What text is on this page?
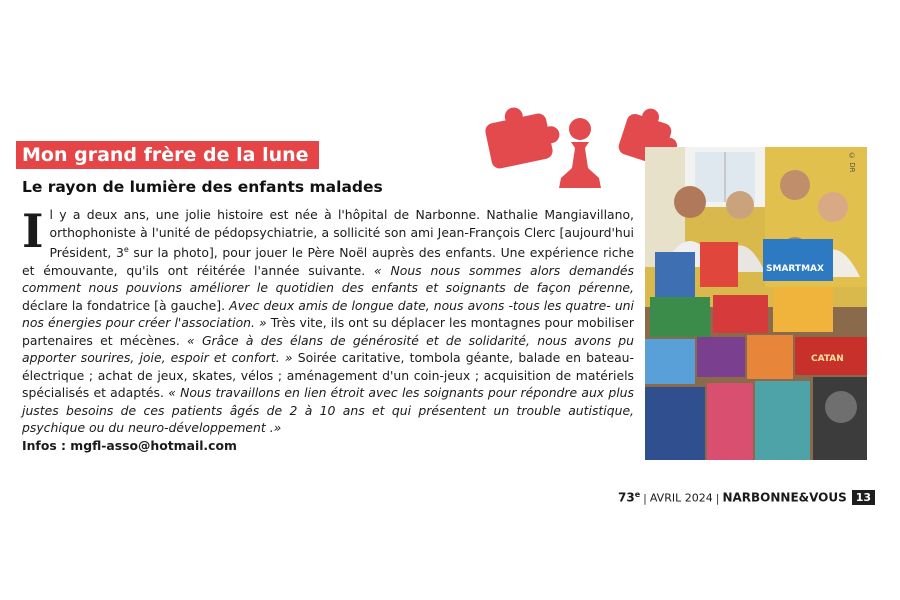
Mon grand frère de la lune
Le rayon de lumière des enfants malades

Il y a deux ans, une jolie histoire est née à l'hôpital de Narbonne. Nathalie Mangiavillano, orthophoniste à l'unité de pédopsychiatrie, a sollicité son ami Jean-François Clerc [aujourd'hui Président, 3e sur la photo], pour jouer le Père Noël auprès des enfants. Une expérience riche et émouvante, qu'ils ont réitérée l'année suivante. « Nous nous sommes alors demandés comment nous pouvions améliorer le quotidien des enfants et soignants de façon pérenne, déclare la fondatrice [à gauche]. Avec deux amis de longue date, nous avons -tous les quatre- uni nos énergies pour créer l'association. » Très vite, ils ont su déplacer les montagnes pour mobiliser partenaires et mécènes. « Grâce à des élans de générosité et de solidarité, nous avons pu apporter sourires, joie, espoir et confort. » Soirée caritative, tombola géante, balade en bateau-électrique ; achat de jeux, skates, vélos ; aménagement d'un coin-jeux ; acquisition de matériels spécialisés et adaptés. « Nous travaillons en lien étroit avec les soignants pour répondre aux plus justes besoins de ces patients âgés de 2 à 10 ans et qui présentent un trouble autistique, psychique ou du neuro-développement .»

Infos : mgfl-asso@hotmail.com
SMARTMAX
CATAN
© DR
73e | AVRIL 2024 | NARBONNE&VOUS 13
